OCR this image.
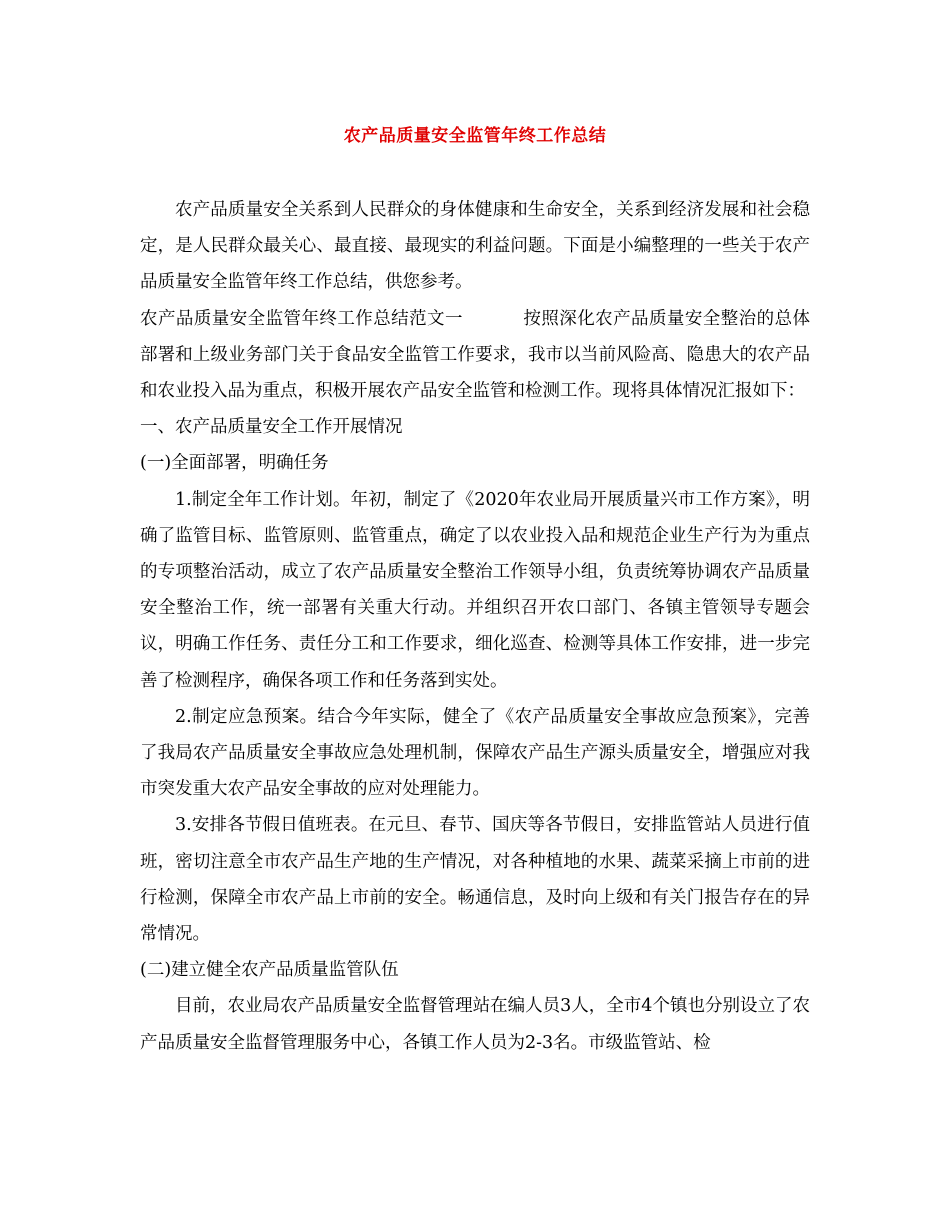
农产品质量安全监管年终工作总结

农产品质量安全关系到人民群众的身体健康和生命安全，关系到经济发展和社会稳定，是人民群众最关心、最直接、最现实的利益问题。下面是小编整理的一些关于农产品质量安全监管年终工作总结，供您参考。

农产品质量安全监管年终工作总结范文一	按照深化农产品质量安全整治的总体部署和上级业务部门关于食品安全监管工作要求，我市以当前风险高、隐患大的农产品和农业投入品为重点，积极开展农产品安全监管和检测工作。现将具体情况汇报如下：

一、农产品质量安全工作开展情况

(一)全面部署，明确任务

1.制定全年工作计划。年初，制定了《2020年农业局开展质量兴市工作方案》，明确了监管目标、监管原则、监管重点，确定了以农业投入品和规范企业生产行为为重点的专项整治活动，成立了农产品质量安全整治工作领导小组，负责统筹协调农产品质量安全整治工作，统一部署有关重大行动。并组织召开农口部门、各镇主管领导专题会议，明确工作任务、责任分工和工作要求，细化巡查、检测等具体工作安排，进一步完善了检测程序，确保各项工作和任务落到实处。

2.制定应急预案。结合今年实际，健全了《农产品质量安全事故应急预案》，完善了我局农产品质量安全事故应急处理机制，保障农产品生产源头质量安全，增强应对我市突发重大农产品安全事故的应对处理能力。

3.安排各节假日值班表。在元旦、春节、国庆等各节假日，安排监管站人员进行值班，密切注意全市农产品生产地的生产情况，对各种植地的水果、蔬菜采摘上市前的进行检测，保障全市农产品上市前的安全。畅通信息，及时向上级和有关门报告存在的异常情况。

(二)建立健全农产品质量监管队伍

目前，农业局农产品质量安全监督管理站在编人员3人，全市4个镇也分别设立了农产品质量安全监督管理服务中心，各镇工作人员为2-3名。市级监管站、检
